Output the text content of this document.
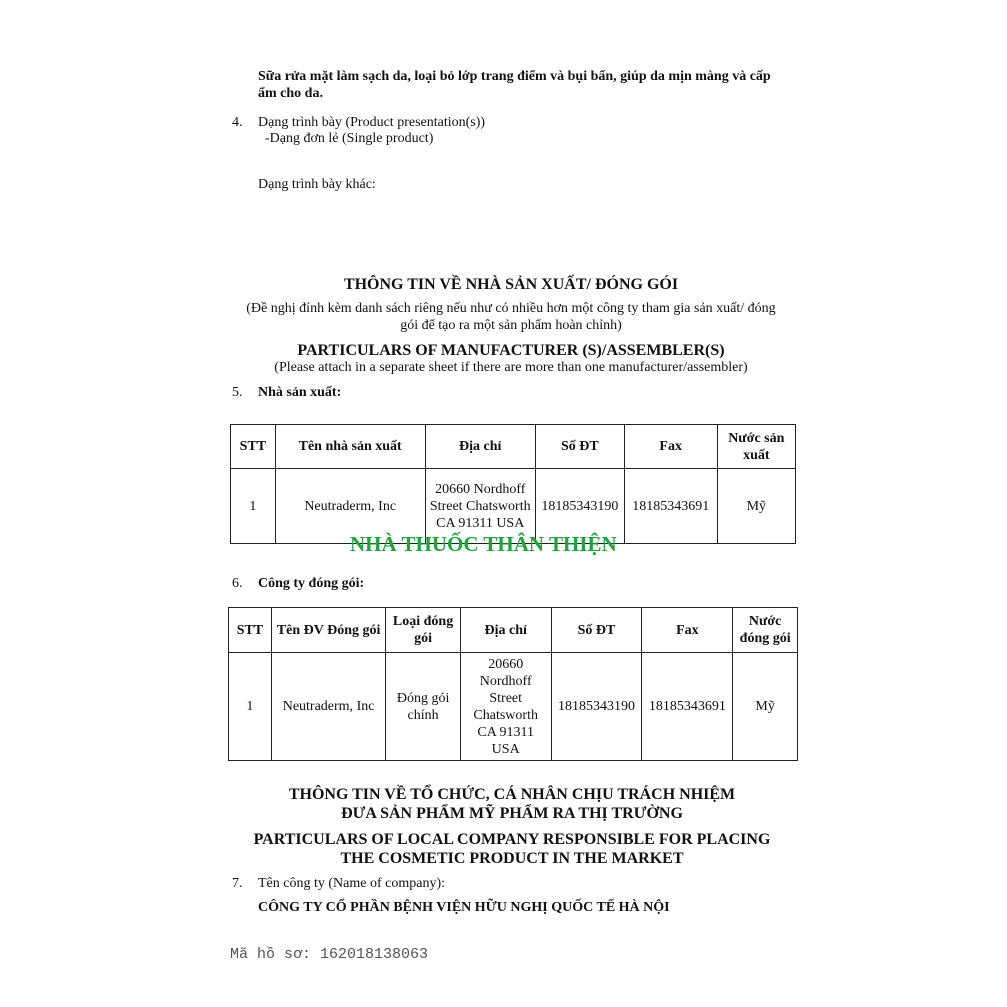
Sữa rửa mặt làm sạch da, loại bỏ lớp trang điểm và bụi bẩn, giúp da mịn màng và cấp
ẩm cho da.
4. Dạng trình bày (Product presentation(s))
-Dạng đơn lẻ (Single product)
Dạng trình bày khác:
THÔNG TIN VỀ NHÀ SẢN XUẤT/ ĐÓNG GÓI
(Đề nghị đính kèm danh sách riêng nếu như có nhiều hơn một công ty tham gia sản xuất/ đóng
gói để tạo ra một sản phẩm hoàn chỉnh)
PARTICULARS OF MANUFACTURER (S)/ASSEMBLER(S)
(Please attach in a separate sheet if there are more than one manufacturer/assembler)
5. Nhà sản xuất:
STT	Tên nhà sản xuất	Địa chỉ	Số ĐT	Fax	Nước sản xuất
1	Neutraderm, Inc	20660 Nordhoff Street Chatsworth CA 91311 USA	18185343190	18185343691	Mỹ
NHÀ THUỐC THÂN THIỆN
6. Công ty đóng gói:
STT	Tên ĐV Đóng gói	Loại đóng gói	Địa chỉ	Số ĐT	Fax	Nước đóng gói
1	Neutraderm, Inc	Đóng gói chính	20660 Nordhoff Street Chatsworth CA 91311 USA	18185343190	18185343691	Mỹ
THÔNG TIN VỀ TỔ CHỨC, CÁ NHÂN CHỊU TRÁCH NHIỆM
ĐƯA SẢN PHẨM MỸ PHẨM RA THỊ TRƯỜNG
PARTICULARS OF LOCAL COMPANY RESPONSIBLE FOR PLACING
THE COSMETIC PRODUCT IN THE MARKET
7. Tên công ty (Name of company):
CÔNG TY CỔ PHẦN BỆNH VIỆN HỮU NGHỊ QUỐC TẾ HÀ NỘI
Mã hồ sơ: 162018138063
